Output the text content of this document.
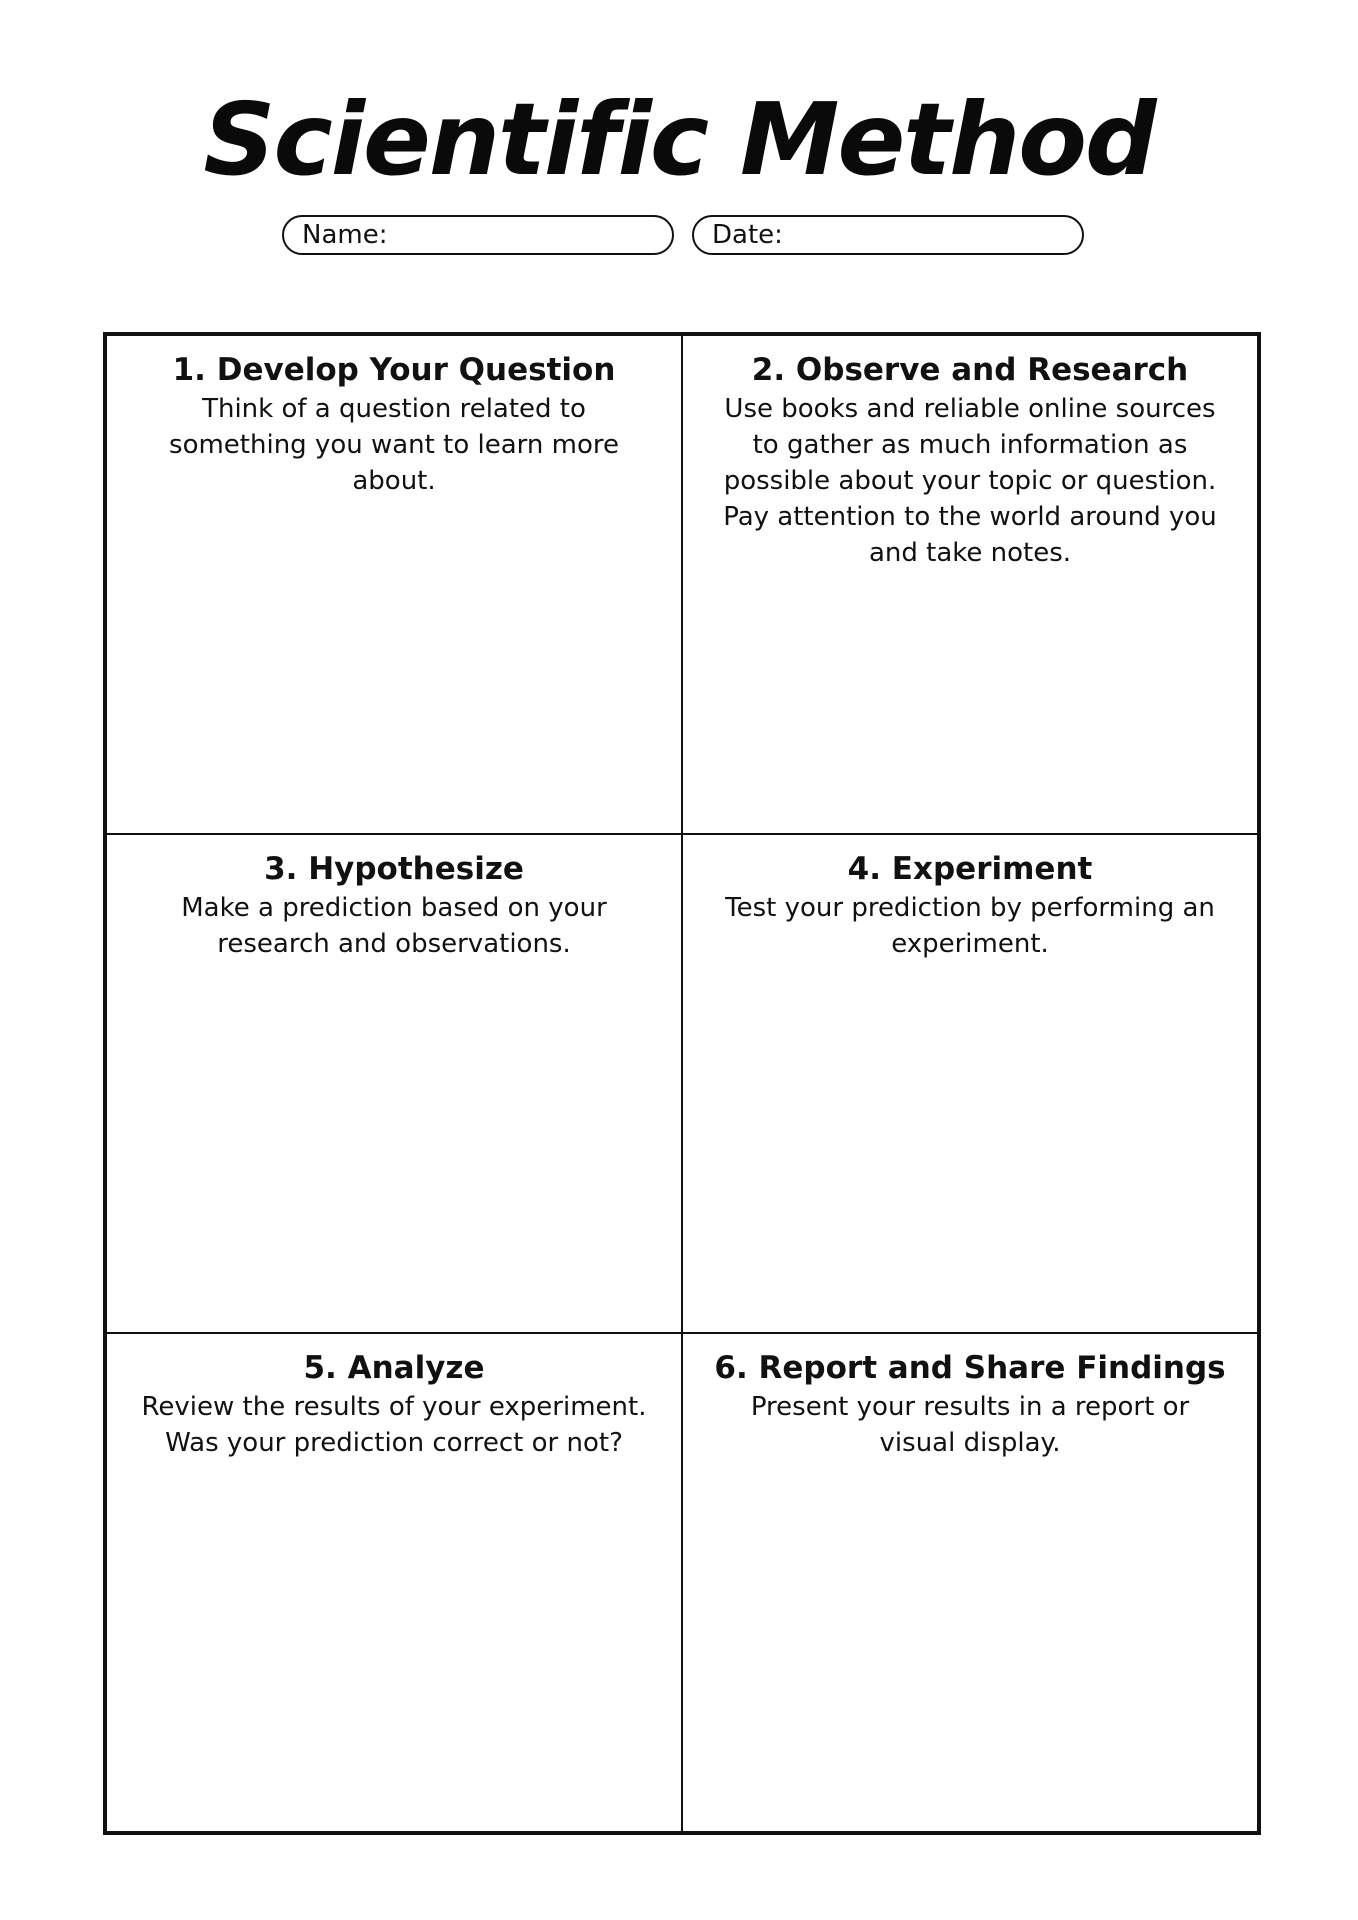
Scientific Method
Name:	Date:
1. Develop Your Question
Think of a question related to something you want to learn more about.
2. Observe and Research
Use books and reliable online sources to gather as much information as possible about your topic or question. Pay attention to the world around you and take notes.
3. Hypothesize
Make a prediction based on your research and observations.
4. Experiment
Test your prediction by performing an experiment.
5. Analyze
Review the results of your experiment. Was your prediction correct or not?
6. Report and Share Findings
Present your results in a report or visual display.
